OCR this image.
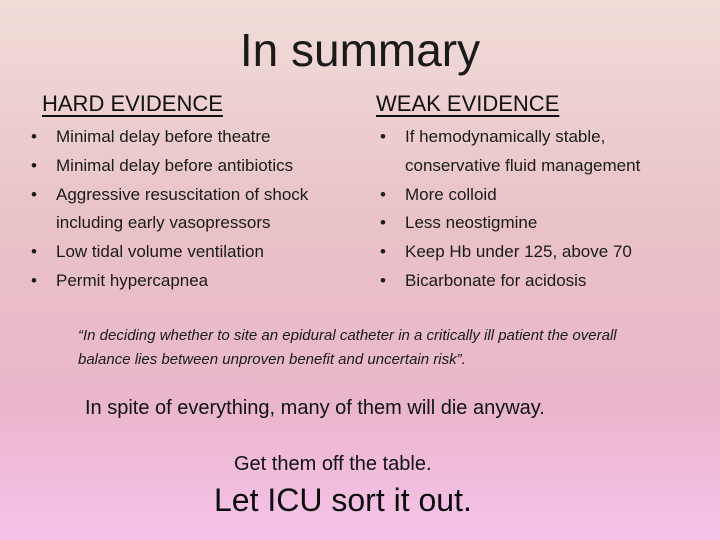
In summary
HARD EVIDENCE	WEAK EVIDENCE
• Minimal delay before theatre
• Minimal delay before antibiotics
• Aggressive resuscitation of shock including early vasopressors
• Low tidal volume ventilation
• Permit hypercapnea
• If hemodynamically stable, conservative fluid management
• More colloid
• Less neostigmine
• Keep Hb under 125, above 70
• Bicarbonate for acidosis
“In deciding whether to site an epidural catheter in a critically ill patient the overall balance lies between unproven benefit and uncertain risk”.
In spite of everything, many of them will die anyway.
Get them off the table.
Let ICU sort it out.
